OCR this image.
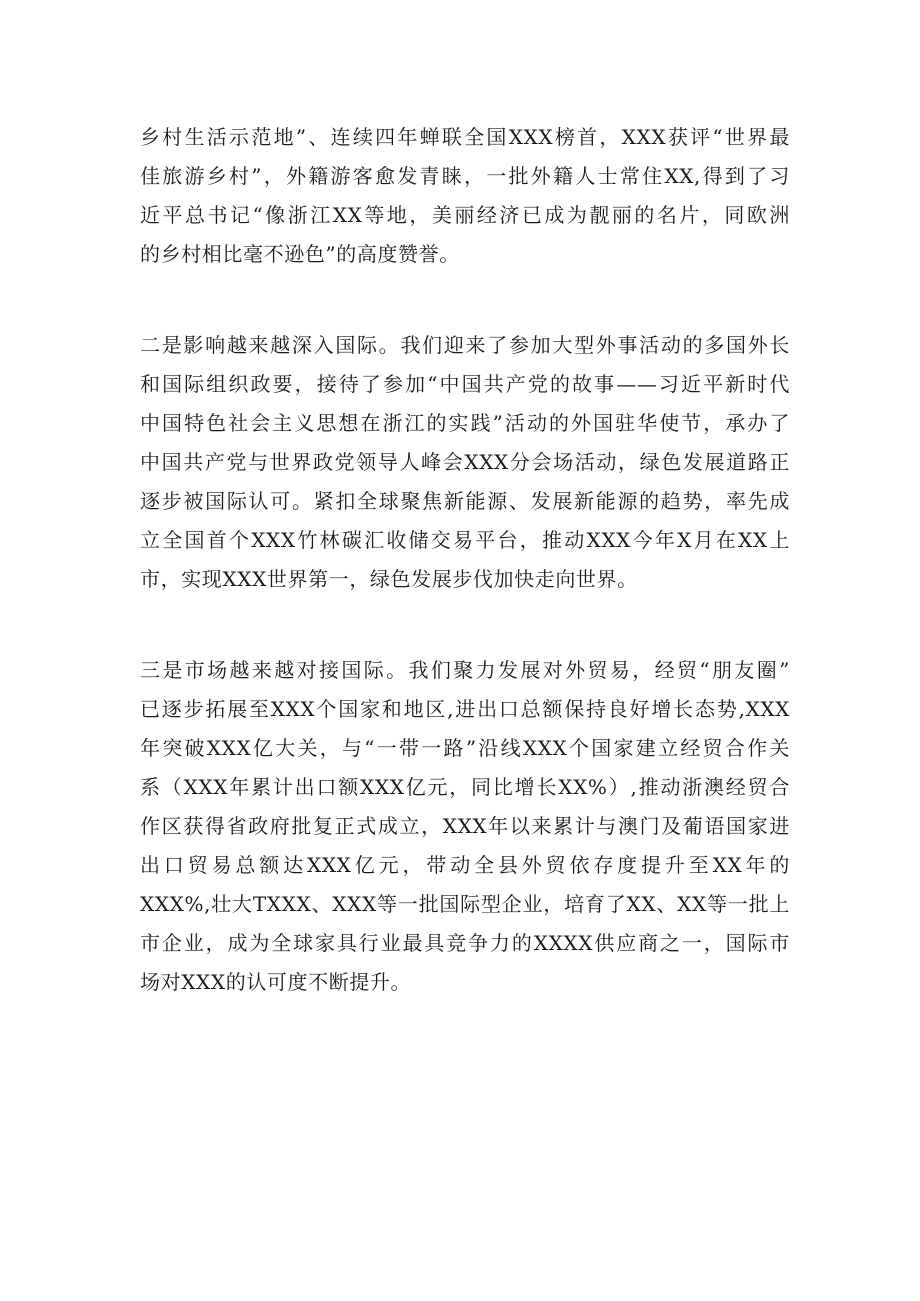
乡村生活示范地”、连续四年蝉联全国XXX榜首，XXX获评“世界最
佳旅游乡村”，外籍游客愈发青睐，一批外籍人士常住XX,得到了习
近平总书记“像浙江XX等地，美丽经济已成为靓丽的名片，同欧洲
的乡村相比毫不逊色”的高度赞誉。
二是影响越来越深入国际。我们迎来了参加大型外事活动的多国外长
和国际组织政要，接待了参加“中国共产党的故事——习近平新时代
中国特色社会主义思想在浙江的实践”活动的外国驻华使节，承办了
中国共产党与世界政党领导人峰会XXX分会场活动，绿色发展道路正
逐步被国际认可。紧扣全球聚焦新能源、发展新能源的趋势，率先成
立全国首个XXX竹林碳汇收储交易平台，推动XXX今年X月在XX上
市，实现XXX世界第一，绿色发展步伐加快走向世界。
三是市场越来越对接国际。我们聚力发展对外贸易，经贸“朋友圈”
已逐步拓展至XXX个国家和地区,进出口总额保持良好增长态势,XXX
年突破XXX亿大关，与“一带一路”沿线XXX个国家建立经贸合作关
系（XXX年累计出口额XXX亿元，同比增长XX%）,推动浙澳经贸合
作区获得省政府批复正式成立，XXX年以来累计与澳门及葡语国家进
出口贸易总额达XXX亿元，带动全县外贸依存度提升至XX年的
XXX%,壮大TXXX、XXX等一批国际型企业，培育了XX、XX等一批上
市企业，成为全球家具行业最具竞争力的XXXX供应商之一，国际市
场对XXX的认可度不断提升。
